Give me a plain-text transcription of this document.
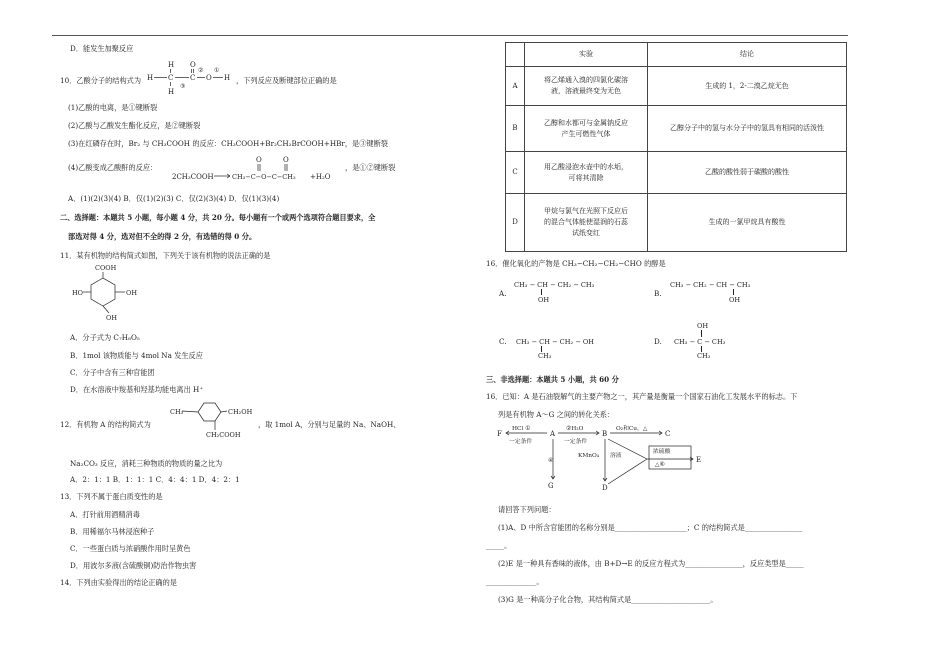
D．能发生加聚反应
10．乙酸分子的结构式为
H O
H C C O H
H
③
② ①
，下列反应及断键部位正确的是
(1)乙酸的电离，是①键断裂
(2)乙酸与乙酸发生酯化反应，是②键断裂
(3)在红磷存在时，Br₂ 与 CH₃COOH 的反应：CH₃COOH+Br₂CH₂BrCOOH+HBr，是③键断裂
(4)乙酸变成乙酸酐的反应：
2CH₃COOH	CH₃−C−O−C−CH₃
O	O
+H₂O
，是①②键断裂
A．(1)(2)(3)(4) B．仅(1)(2)(3) C．仅(2)(3)(4) D．仅(1)(3)(4)
二、选择题：本题共 5 小题，每小题 4 分，共 20 分。每小题有一个或两个选项符合题目要求，全
部选对得 4 分，选对但不全的得 2 分，有选错的得 0 分。
11．某有机物的结构简式如图，下列关于该有机物的说法正确的是
COOH
HO	OH
OH
A．分子式为 C₇H₈O₅
B．1mol 该物质能与 4mol Na 发生反应
C．分子中含有三种官能团
D．在水溶液中羧基和羟基均能电离出 H⁺
12．有机物 A 的结构简式为
CH₃	CH₂OH
CH₂COOH
，取 1mol A，分别与足量的 Na、NaOH、
Na₂CO₃ 反应，消耗三种物质的物质的量之比为
A．2：1：1 B．1：1：1 C．4：4：1 D．4：2：1
13．下列不属于蛋白质变性的是
A．打针前用酒精消毒
B．用稀福尔马林浸泡种子
C．一些蛋白质与浓硝酸作用时呈黄色
D．用波尔多液(含硫酸铜)防治作物虫害
14．下列由实验得出的结论正确的是
	实验	结论
A	将乙烯通入溴的四氯化碳溶
液，溶液最终变为无色	生成的 1，2-二溴乙烷无色
B	乙醇和水都可与金属钠反应
产生可燃性气体	乙醇分子中的氢与水分子中的氢具有相同的活泼性
C	用乙酸浸泡水壶中的水垢，
可将其清除	乙酸的酸性弱于碳酸的酸性
D	甲烷与氯气在光照下反应后
的混合气体能使湿润的石蕊
试纸变红	生成的一氯甲烷具有酸性
16．催化氧化的产物是 CH₃−CH₂−CH₂−CHO 的醇是
A.
CH₃ − CH − CH₂ − CH₃
OH
B.
CH₃ − CH₂ − CH − CH₃
OH
C. CH₃ − CH − CH₂ − OH
CH₃
D.
OH
CH₃ − C − CH₃
CH₃
三、非选择题：本题共 5 小题，共 60 分
16．已知：A 是石油裂解气的主要产物之一，其产量是衡量一个国家石油化工发展水平的标志。下
列是有机物 A～G 之间的转化关系：
F	A	B	C
G	D
E
HCl ①
一定条件
②H₂O
一定条件
O₂和Cu，△
④
KMnO₄ 溶液
浓硫酸
△⑥
请回答下列问题：
(1)A、D 中所含官能团的名称分别是____________________；C 的结构简式是________________
_____。
(2)E 是一种具有香味的液体，由 B+D→E 的反应方程式为________________，反应类型是_____
______________。
(3)G 是一种高分子化合物，其结构简式是______________________。
